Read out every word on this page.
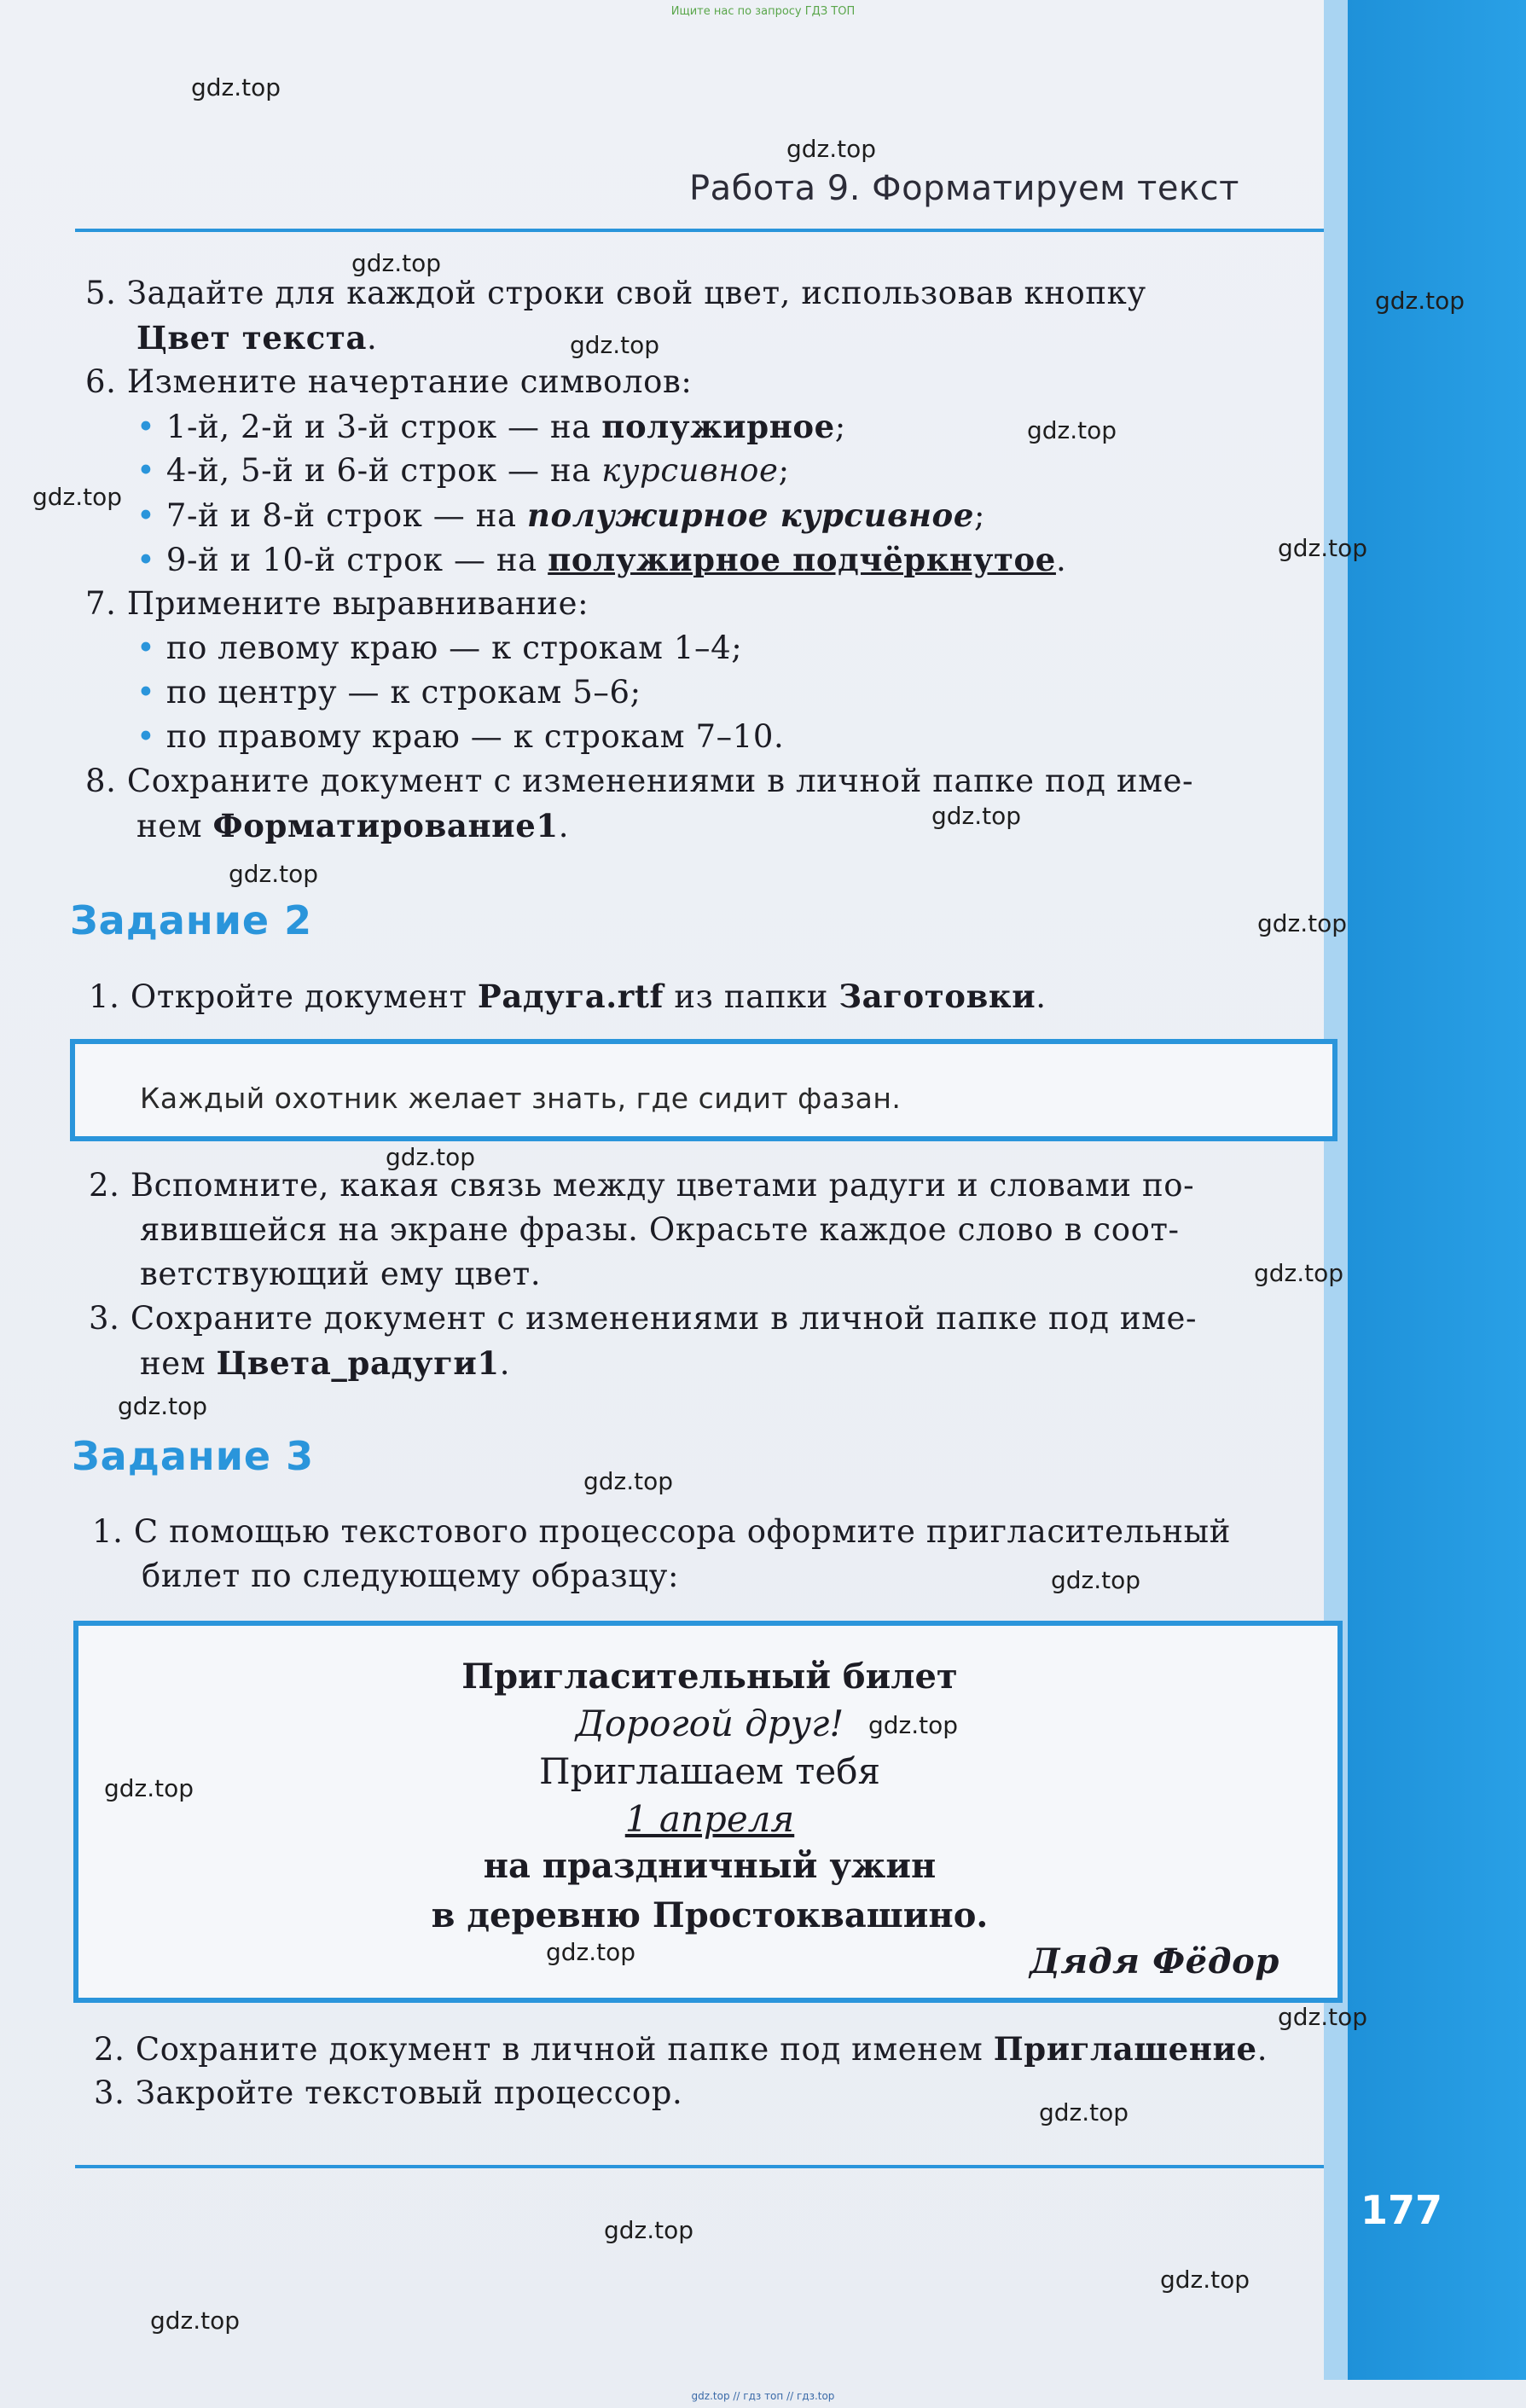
Ищите нас по запросу ГДЗ ТОП
Работа 9. Форматируем текст
5. Задайте для каждой строки свой цвет, использовав кнопку
Цвет текста.
6. Измените начертание символов:
• 1-й, 2-й и 3-й строк — на полужирное;
• 4-й, 5-й и 6-й строк — на курсивное;
• 7-й и 8-й строк — на полужирное курсивное;
• 9-й и 10-й строк — на полужирное подчёркнутое.
7. Примените выравнивание:
• по левому краю — к строкам 1–4;
• по центру — к строкам 5–6;
• по правому краю — к строкам 7–10.
8. Сохраните документ с изменениями в личной папке под име-
нем Форматирование1.
Задание 2
1. Откройте документ Радуга.rtf из папки Заготовки.
Каждый охотник желает знать, где сидит фазан.
2. Вспомните, какая связь между цветами радуги и словами по-
явившейся на экране фразы. Окрасьте каждое слово в соот-
ветствующий ему цвет.
3. Сохраните документ с изменениями в личной папке под име-
нем Цвета_радуги1.
Задание 3
1. С помощью текстового процессора оформите пригласительный
билет по следующему образцу:
Пригласительный билет
Дорогой друг!
Приглашаем тебя
1 апреля
на праздничный ужин
в деревню Простоквашино.
Дядя Фёдор
2. Сохраните документ в личной папке под именем Приглашение.
3. Закройте текстовый процессор.
177
gdz.top
gdz.top
gdz.top
gdz.top
gdz.top
gdz.top
gdz.top
gdz.top
gdz.top
gdz.top
gdz.top
gdz.top
gdz.top
gdz.top
gdz.top
gdz.top
gdz.top
gdz.top
gdz.top
gdz.top
gdz.top
gdz.top
gdz.top
gdz.top
gdz.top // гдз топ // гдз.top
